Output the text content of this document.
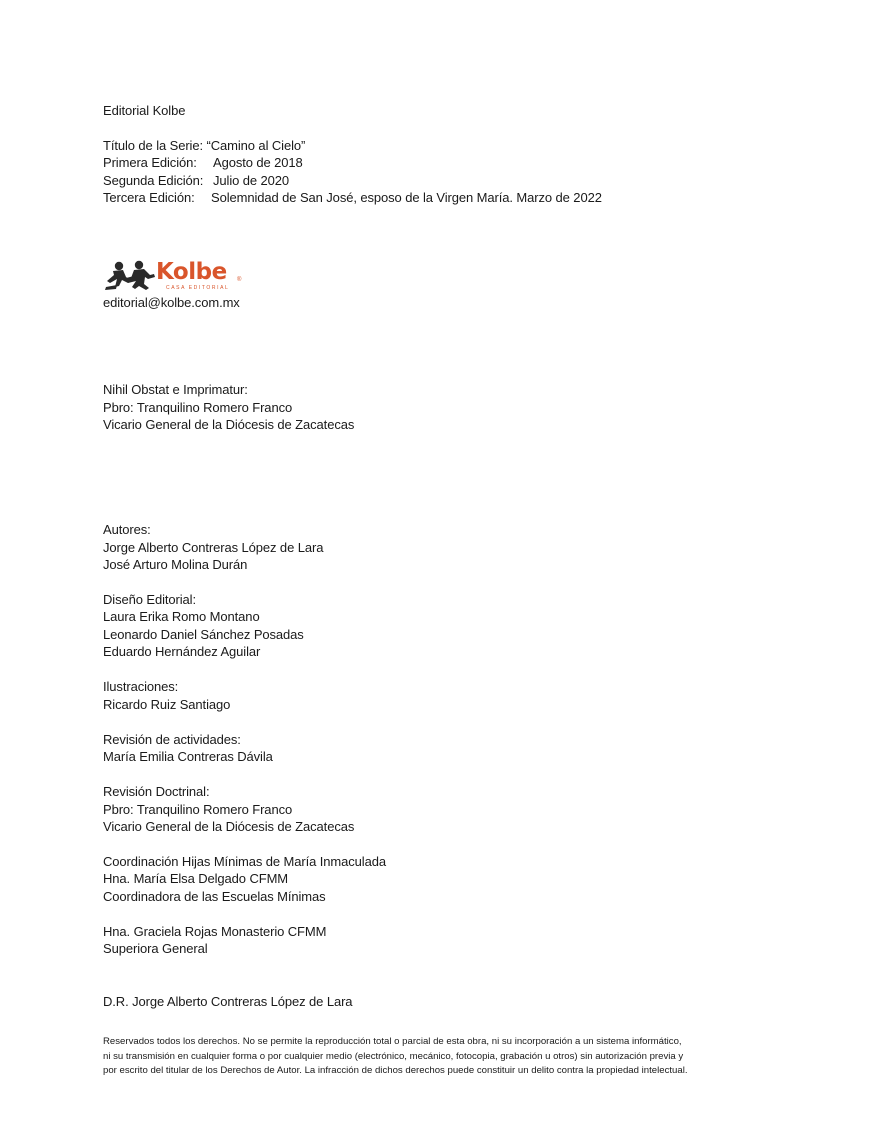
Editorial Kolbe
Título de la Serie: “Camino al Cielo”
Primera Edición: Agosto de 2018
Segunda Edición: Julio de 2020
Tercera Edición: Solemnidad de San José, esposo de la Virgen María. Marzo de 2022
Kolbe ®
CASA EDITORIAL
editorial@kolbe.com.mx
Nihil Obstat e Imprimatur:
Pbro: Tranquilino Romero Franco
Vicario General de la Diócesis de Zacatecas
Autores:
Jorge Alberto Contreras López de Lara
José Arturo Molina Durán
Diseño Editorial:
Laura Erika Romo Montano
Leonardo Daniel Sánchez Posadas
Eduardo Hernández Aguilar
Ilustraciones:
Ricardo Ruiz Santiago
Revisión de actividades:
María Emilia Contreras Dávila
Revisión Doctrinal:
Pbro: Tranquilino Romero Franco
Vicario General de la Diócesis de Zacatecas
Coordinación Hijas Mínimas de María Inmaculada
Hna. María Elsa Delgado CFMM
Coordinadora de las Escuelas Mínimas
Hna. Graciela Rojas Monasterio CFMM
Superiora General
D.R. Jorge Alberto Contreras López de Lara
Reservados todos los derechos. No se permite la reproducción total o parcial de esta obra, ni su incorporación a un sistema informático,
ni su transmisión en cualquier forma o por cualquier medio (electrónico, mecánico, fotocopia, grabación u otros) sin autorización previa y
por escrito del titular de los Derechos de Autor. La infracción de dichos derechos puede constituir un delito contra la propiedad intelectual.
